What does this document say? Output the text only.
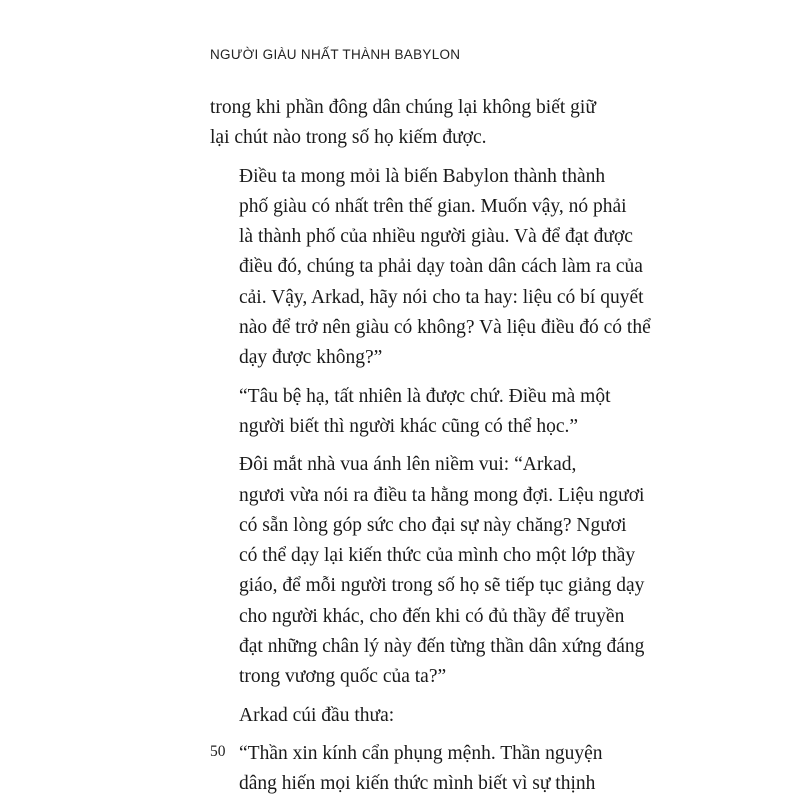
NGƯỜI GIÀU NHẤT THÀNH BABYLON

trong khi phần đông dân chúng lại không biết giữ
lại chút nào trong số họ kiếm được.

Điều ta mong mỏi là biến Babylon thành thành
phố giàu có nhất trên thế gian. Muốn vậy, nó phải
là thành phố của nhiều người giàu. Và để đạt được
điều đó, chúng ta phải dạy toàn dân cách làm ra của
cải. Vậy, Arkad, hãy nói cho ta hay: liệu có bí quyết
nào để trở nên giàu có không? Và liệu điều đó có thể
dạy được không?”

“Tâu bệ hạ, tất nhiên là được chứ. Điều mà một
người biết thì người khác cũng có thể học.”

Đôi mắt nhà vua ánh lên niềm vui: “Arkad,
ngươi vừa nói ra điều ta hằng mong đợi. Liệu ngươi
có sẵn lòng góp sức cho đại sự này chăng? Ngươi
có thể dạy lại kiến thức của mình cho một lớp thầy
giáo, để mỗi người trong số họ sẽ tiếp tục giảng dạy
cho người khác, cho đến khi có đủ thầy để truyền
đạt những chân lý này đến từng thần dân xứng đáng
trong vương quốc của ta?”

Arkad cúi đầu thưa:

“Thần xin kính cẩn phụng mệnh. Thần nguyện
dâng hiến mọi kiến thức mình biết vì sự thịnh

50
